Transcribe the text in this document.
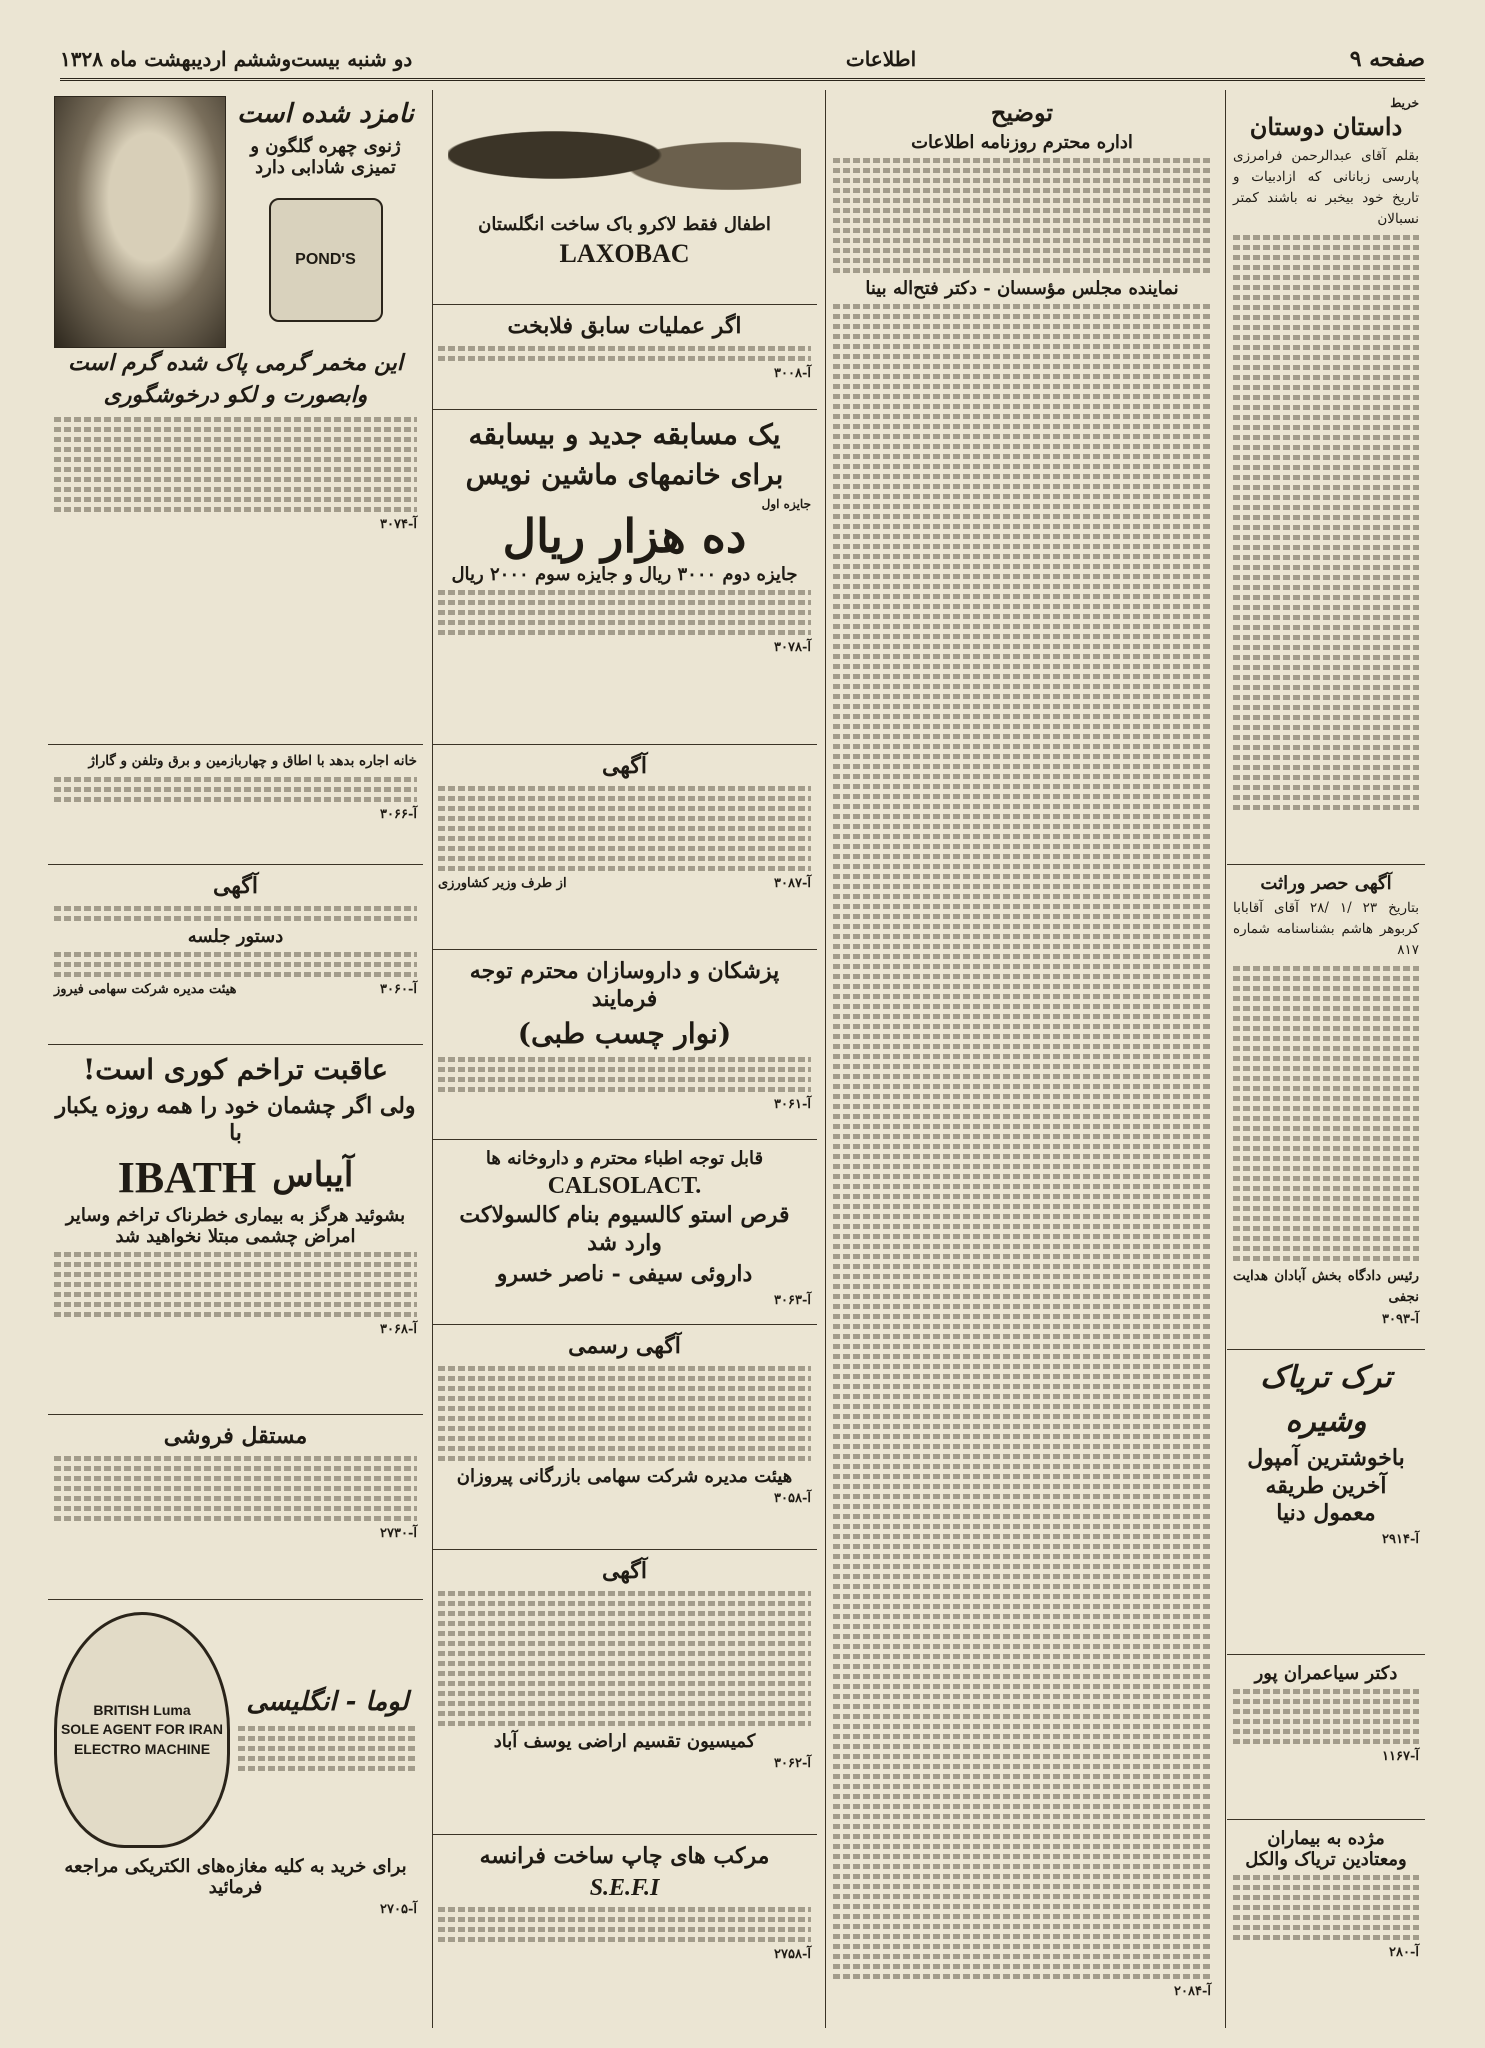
صفحه ۹
اطلاعات
دو شنبه بیست‌وششم اردیبهشت ماه ۱۳۲۸
خریط
داستان دوستان
بقلم آقای عبدالرحمن فرامرزی پارسی زبانانی که ازادبیات و تاریخ خود بیخبر نه باشند کمتر نسبالان
آگهی حصر وراثت
بتاریخ ۲۳ /۱ /۲۸ آقای آقابابا کربوهر هاشم بشناسنامه شماره ۸۱۷
رئیس دادگاه بخش آبادان هدایت نجفی
آ-۳۰۹۳
ترک تریاک وشیره
باخوشترین آمپول آخرین طریقه معمول دنیا
آ-۲۹۱۴
دکتر سیاعمران پور
آ-۱۱۶۷
مژده به بیماران ومعتادین تریاک والکل
آ-۲۸۰
توضیح
اداره محترم روزنامه اطلاعات
نماینده مجلس مؤسسان - دکتر فتح‌اله بینا
آ-۲۰۸۴
اطفال فقط لاکرو باک ساخت انگلستان
LAXOBAC
اگر عملیات سابق فلابخت
آ-۳۰۰۸
یک مسابقه جدید و بیسابقه
برای خانمهای ماشین نویس
جایزه اول
ده هزار ریال
جایزه دوم ۳۰۰۰ ریال و جایزه سوم ۲۰۰۰ ریال
آ-۳۰۷۸
آگهی
آ-۳۰۸۷
از طرف وزیر کشاورزی
پزشکان و داروسازان محترم توجه فرمایند
(نوار چسب طبی)
آ-۳۰۶۱
قابل توجه اطباء محترم و داروخانه ها
CALSOLACT.
قرص استو کالسیوم بنام کالسولاکت وارد شد
داروئی سیفی - ناصر خسرو
آ-۳۰۶۳
آگهی رسمی
هیئت مدیره شرکت سهامی بازرگانی پیروزان
آ-۳۰۵۸
آگهی
کمیسیون تقسیم اراضی یوسف آباد
آ-۳۰۶۲
مرکب های چاپ ساخت فرانسه
S.E.F.I
آ-۲۷۵۸
نامزد شده است
ژنوی چهره گلگون و تمیزی شادابی دارد
POND'S
این مخمر گرمی پاک شده گرم است وابصورت و لکو درخوشگوری
آ-۳۰۷۴
خانه اجاره بدهد با اطاق و چهاربازمین و برق وتلفن و گاراژ
آ-۳۰۶۶
آگهی
دستور جلسه
آ-۳۰۶۰
هیئت مدیره شرکت سهامی فیروز
عاقبت تراخم کوری است!
ولی اگر چشمان خود را همه روزه یکبار با
آیباس
IBATH
بشوئید هرگز به بیماری خطرناک تراخم وسایر امراض چشمی مبتلا نخواهید شد
آ-۳۰۶۸
مستقل فروشی
آ-۲۷۳۰
لوما - انگلیسی
BRITISH Luma
SOLE AGENT FOR IRAN
ELECTRO MACHINE
برای خرید به کلیه مغازه‌های الکتریکی مراجعه فرمائید
آ-۲۷۰۵
